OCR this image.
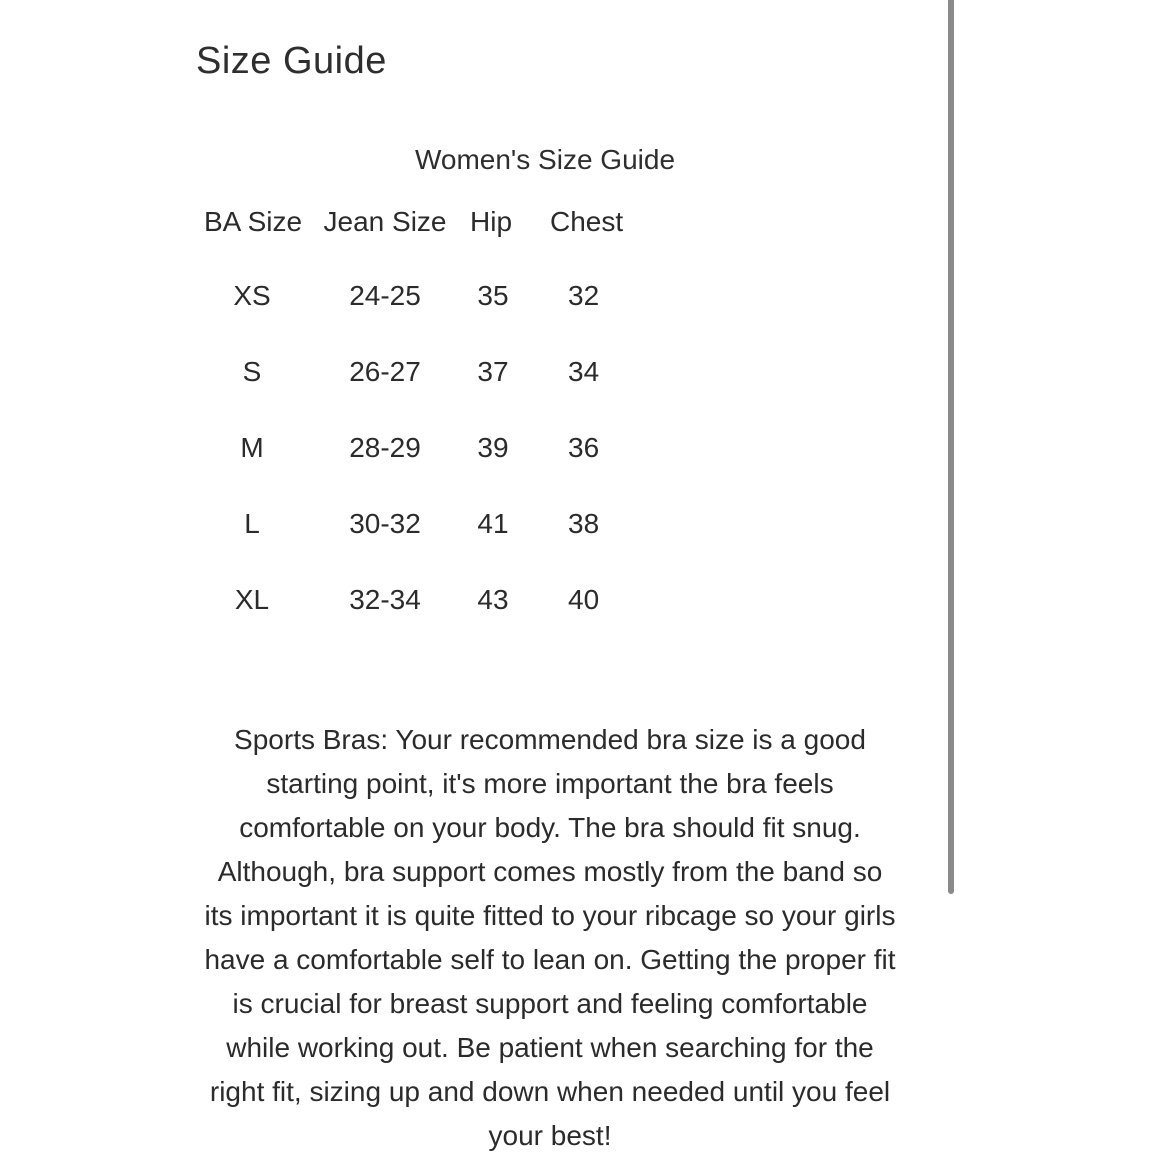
Size Guide
Women's Size Guide
BA Size	Jean Size	Hip	Chest
XS	24-25	35	32
S	26-27	37	34
M	28-29	39	36
L	30-32	41	38
XL	32-34	43	40

Sports Bras: Your recommended bra size is a good starting point, it's more important the bra feels comfortable on your body. The bra should fit snug. Although, bra support comes mostly from the band so its important it is quite fitted to your ribcage so your girls have a comfortable self to lean on. Getting the proper fit is crucial for breast support and feeling comfortable while working out. Be patient when searching for the right fit, sizing up and down when needed until you feel your best!
